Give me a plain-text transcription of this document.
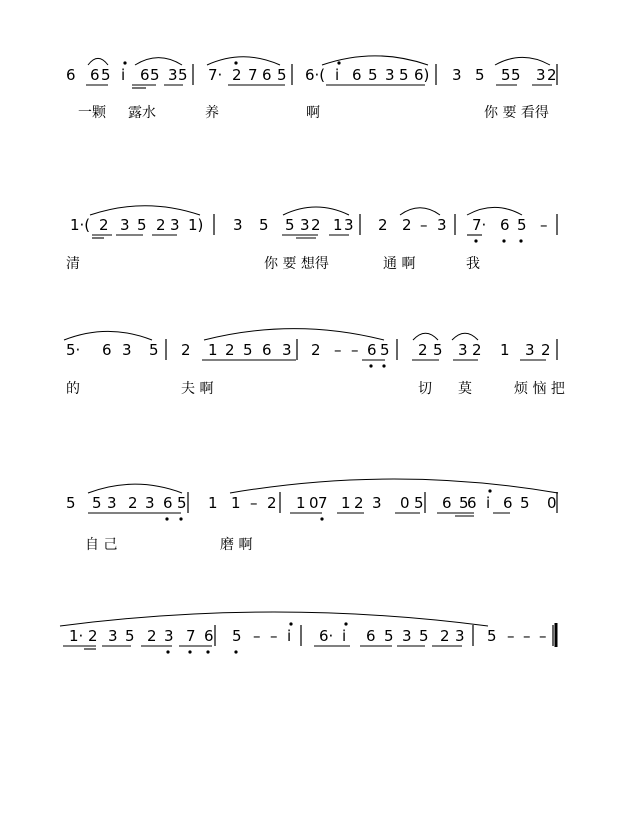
6 6 5 i 6 5 3 5 7· 2 7 6 5 6·( i 6 5 3 5 6) 3 5 5 5 3 2
一颗 露水	养	啊	你 要 看得
1·( 2 3 5 2 3 1) 3 5 5 3 2 1 3 2 2 – 3 7· 6 5 –
清	你 要 想得	通 啊	我
5· 6 3 5 2 1 2 5 6 3 2 – – 6 5 2 5 3 2 1 3 2
的	夫 啊	切 莫	烦 恼 把
5 5 3 2 3 6 5 1 1 – 2 1 0 7 1 2 3 0 5 6 5
6 i 6 5 0
自 己	磨 啊
1· 2 3 5 2 3 7 6 5 – – i 6· i 6 5 3 5 2 3 5 – – –
